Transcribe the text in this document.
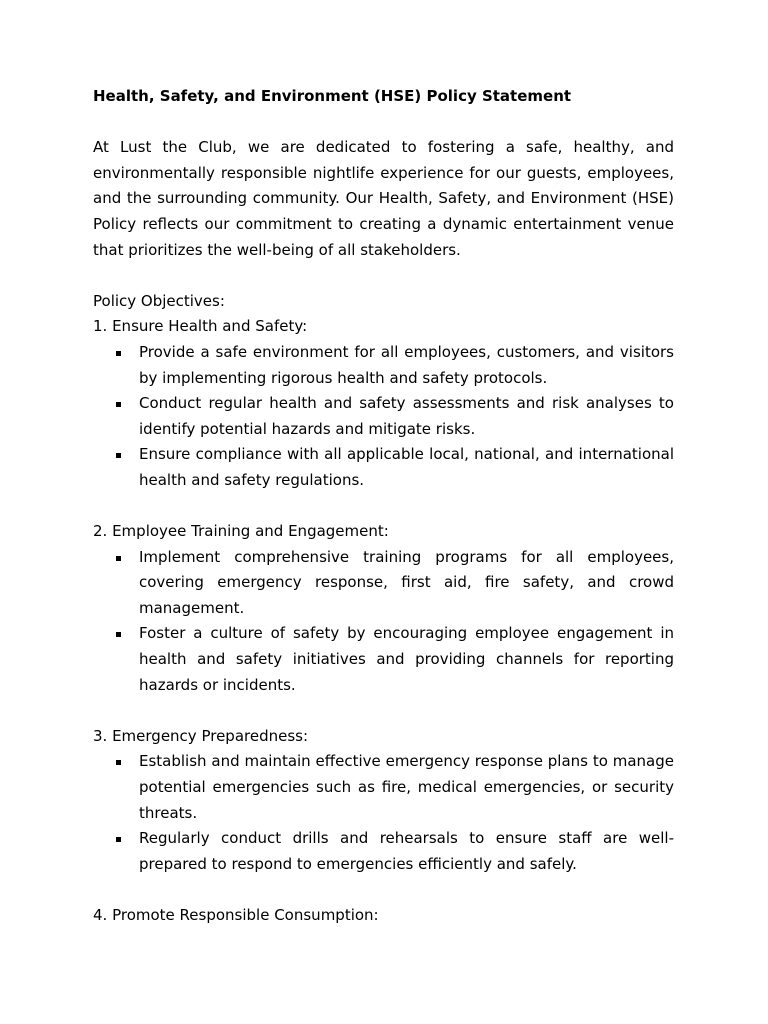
Health, Safety, and Environment (HSE) Policy Statement

At Lust the Club, we are dedicated to fostering a safe, healthy, and environmentally responsible nightlife experience for our guests, employees, and the surrounding community. Our Health, Safety, and Environment (HSE) Policy reflects our commitment to creating a dynamic entertainment venue that prioritizes the well-being of all stakeholders.

Policy Objectives:

1. Ensure Health and Safety:

Provide a safe environment for all employees, customers, and visitors by implementing rigorous health and safety protocols.
Conduct regular health and safety assessments and risk analyses to identify potential hazards and mitigate risks.
Ensure compliance with all applicable local, national, and international health and safety regulations.

2. Employee Training and Engagement:

Implement comprehensive training programs for all employees, covering emergency response, first aid, fire safety, and crowd management.
Foster a culture of safety by encouraging employee engagement in health and safety initiatives and providing channels for reporting hazards or incidents.

3. Emergency Preparedness:

Establish and maintain effective emergency response plans to manage potential emergencies such as fire, medical emergencies, or security threats.
Regularly conduct drills and rehearsals to ensure staff are well-prepared to respond to emergencies efficiently and safely.

4. Promote Responsible Consumption:
